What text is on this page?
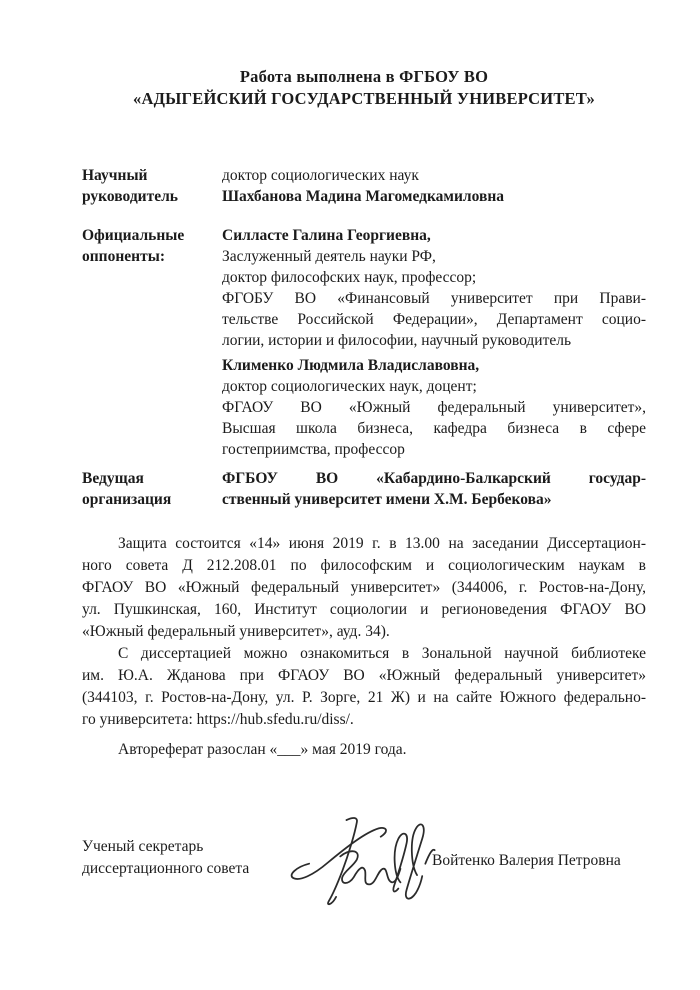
Работа выполнена в ФГБОУ ВО
«АДЫГЕЙСКИЙ ГОСУДАРСТВЕННЫЙ УНИВЕРСИТЕТ»
Научный руководитель
доктор социологических наук
Шахбанова Мадина Магомедкамиловна
Официальные оппоненты:
Силласте Галина Георгиевна,
Заслуженный деятель науки РФ,
доктор философских наук, профессор;
ФГОБУ ВО «Финансовый университет при Прави-
тельстве Российской Федерации», Департамент социо-
логии, истории и философии, научный руководитель
Клименко Людмила Владиславовна,
доктор социологических наук, доцент;
ФГАОУ ВО «Южный федеральный университет»,
Высшая школа бизнеса, кафедра бизнеса в сфере
гостеприимства, профессор
Ведущая организация
ФГБОУ ВО «Кабардино-Балкарский государ-
ственный университет имени Х.М. Бербекова»
Защита состоится «14» июня 2019 г. в 13.00 на заседании Диссертацион-
ного совета Д 212.208.01 по философским и социологическим наукам в
ФГАОУ ВО «Южный федеральный университет» (344006, г. Ростов-на-Дону,
ул. Пушкинская, 160, Институт социологии и регионоведения ФГАОУ ВО
«Южный федеральный университет», ауд. 34).
С диссертацией можно ознакомиться в Зональной научной библиотеке
им. Ю.А. Жданова при ФГАОУ ВО «Южный федеральный университет»
(344103, г. Ростов-на-Дону, ул. Р. Зорге, 21 Ж) и на сайте Южного федерально-
го университета: https://hub.sfedu.ru/diss/.
Автореферат разослан «___» мая 2019 года.
Ученый секретарь
диссертационного совета	Войтенко Валерия Петровна
